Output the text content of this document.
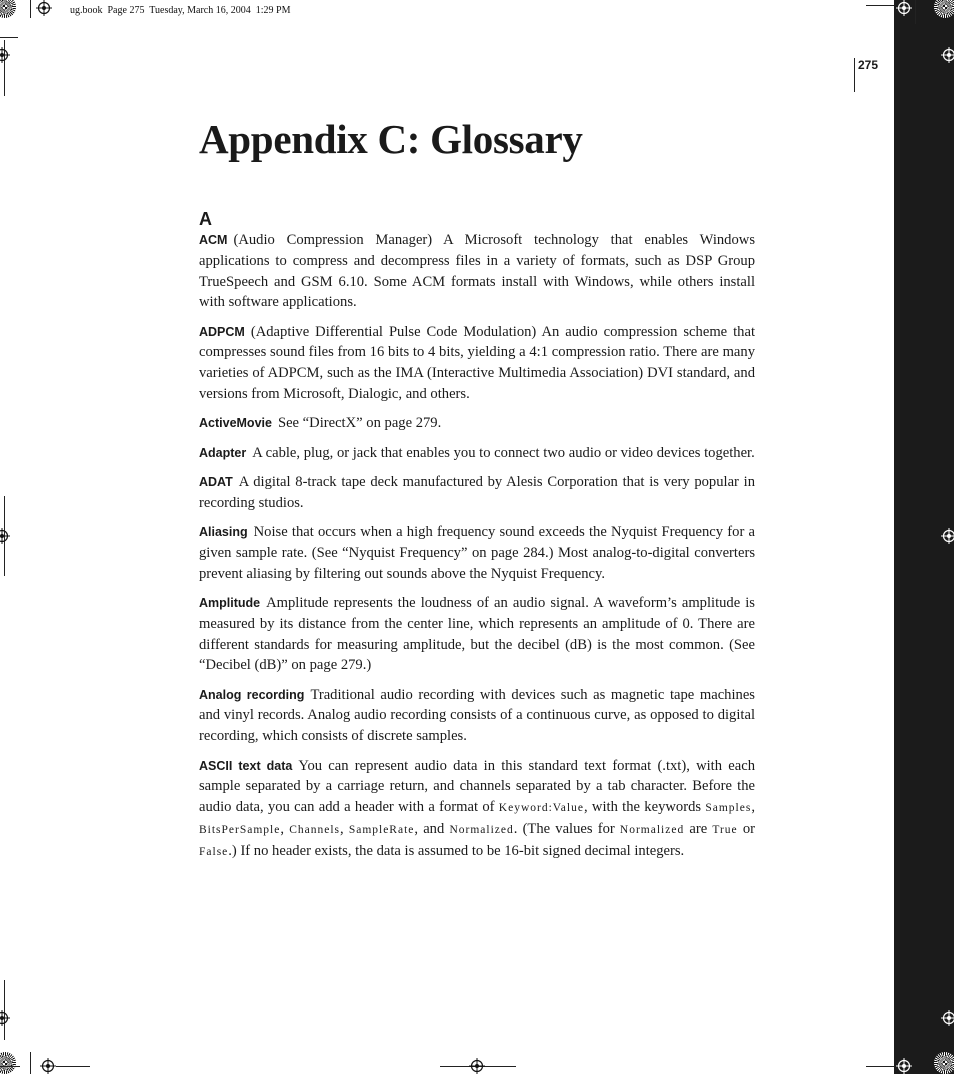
ug.book  Page 275  Tuesday, March 16, 2004  1:29 PM
275
Appendix C: Glossary
A

ACM (Audio Compression Manager) A Microsoft technology that enables Windows applications to compress and decompress files in a variety of formats, such as DSP Group TrueSpeech and GSM 6.10. Some ACM formats install with Windows, while others install with software applications.

ADPCM (Adaptive Differential Pulse Code Modulation) An audio compression scheme that compresses sound files from 16 bits to 4 bits, yielding a 4:1 compression ratio. There are many varieties of ADPCM, such as the IMA (Interactive Multimedia Association) DVI standard, and versions from Microsoft, Dialogic, and others.

ActiveMovie See “DirectX” on page 279.

Adapter A cable, plug, or jack that enables you to connect two audio or video devices together.

ADAT A digital 8-track tape deck manufactured by Alesis Corporation that is very popular in recording studios.

Aliasing Noise that occurs when a high frequency sound exceeds the Nyquist Frequency for a given sample rate. (See “Nyquist Frequency” on page 284.) Most analog-to-digital converters prevent aliasing by filtering out sounds above the Nyquist Frequency.

Amplitude Amplitude represents the loudness of an audio signal. A waveform’s amplitude is measured by its distance from the center line, which represents an amplitude of 0. There are different standards for measuring amplitude, but the decibel (dB) is the most common. (See “Decibel (dB)” on page 279.)

Analog recording Traditional audio recording with devices such as magnetic tape machines and vinyl records. Analog audio recording consists of a continuous curve, as opposed to digital recording, which consists of discrete samples.

ASCII text data You can represent audio data in this standard text format (.txt), with each sample separated by a carriage return, and channels separated by a tab character. Before the audio data, you can add a header with a format of Keyword:Value, with the keywords Samples, BitsPerSample, Channels, SampleRate, and Normalized. (The values for Normalized are True or False.) If no header exists, the data is assumed to be 16-bit signed decimal integers.
